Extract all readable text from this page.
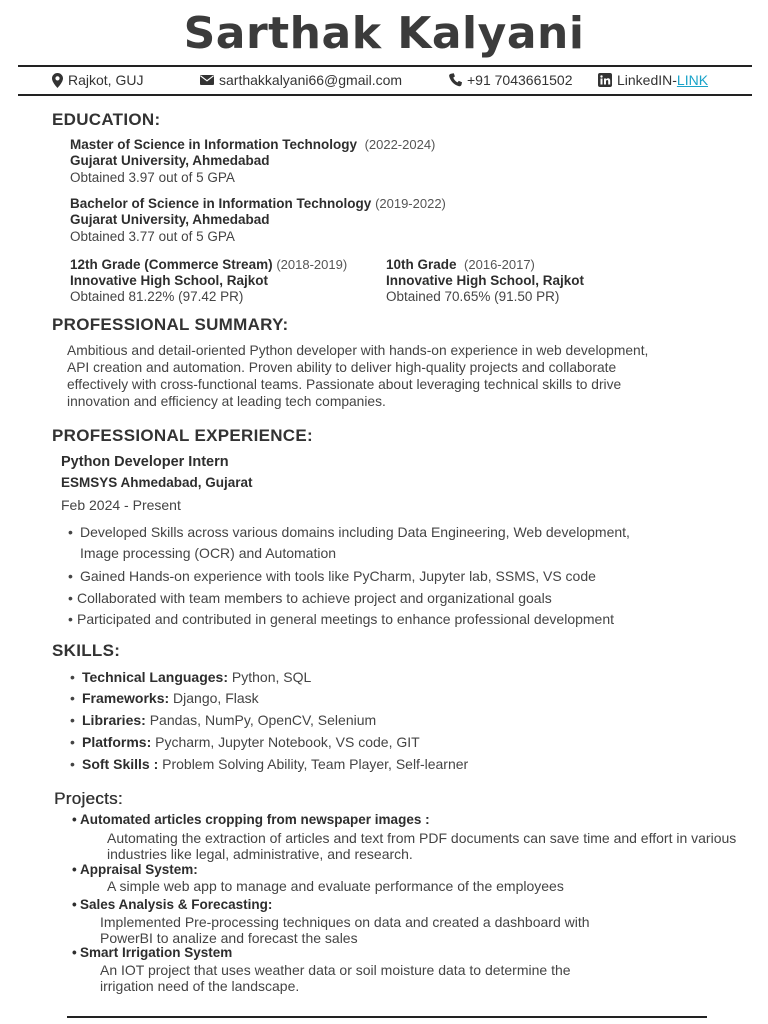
Sarthak Kalyani
Rajkot, GUJ	sarthakkalyani66@gmail.com	+91 7043661502	LinkedIN- LINK
EDUCATION:
Master of Science in Information Technology (2022-2024)
Gujarat University, Ahmedabad
Obtained 3.97 out of 5 GPA
Bachelor of Science in Information Technology (2019-2022)
Gujarat University, Ahmedabad
Obtained 3.77 out of 5 GPA
12th Grade (Commerce Stream) (2018-2019)
Innovative High School, Rajkot
Obtained 81.22% (97.42 PR)
10th Grade (2016-2017)
Innovative High School, Rajkot
Obtained 70.65% (91.50 PR)
PROFESSIONAL SUMMARY:

Ambitious and detail-oriented Python developer with hands-on experience in web development, API creation and automation. Proven ability to deliver high-quality projects and collaborate effectively with cross-functional teams. Passionate about leveraging technical skills to drive innovation and efficiency at leading tech companies.

PROFESSIONAL EXPERIENCE:
Python Developer Intern
ESMSYS Ahmedabad, Gujarat
Feb 2024 - Present
• Developed Skills across various domains including Data Engineering, Web development,
Image processing (OCR) and Automation
• Gained Hands-on experience with tools like PyCharm, Jupyter lab, SSMS, VS code
• Collaborated with team members to achieve project and organizational goals
• Participated and contributed in general meetings to enhance professional development
SKILLS:
• Technical Languages: Python, SQL
• Frameworks: Django, Flask
• Libraries: Pandas, NumPy, OpenCV, Selenium
• Platforms: Pycharm, Jupyter Notebook, VS code, GIT
• Soft Skills : Problem Solving Ability, Team Player, Self-learner
Projects:
• Automated articles cropping from newspaper images :

Automating the extraction of articles and text from PDF documents can save time and effort in various industries like legal, administrative, and research.

• Appraisal System:

A simple web app to manage and evaluate performance of the employees

• Sales Analysis & Forecasting:

Implemented Pre-processing techniques on data and created a dashboard with PowerBI to analize and forecast the sales

• Smart Irrigation System

An IOT project that uses weather data or soil moisture data to determine the irrigation need of the landscape.
